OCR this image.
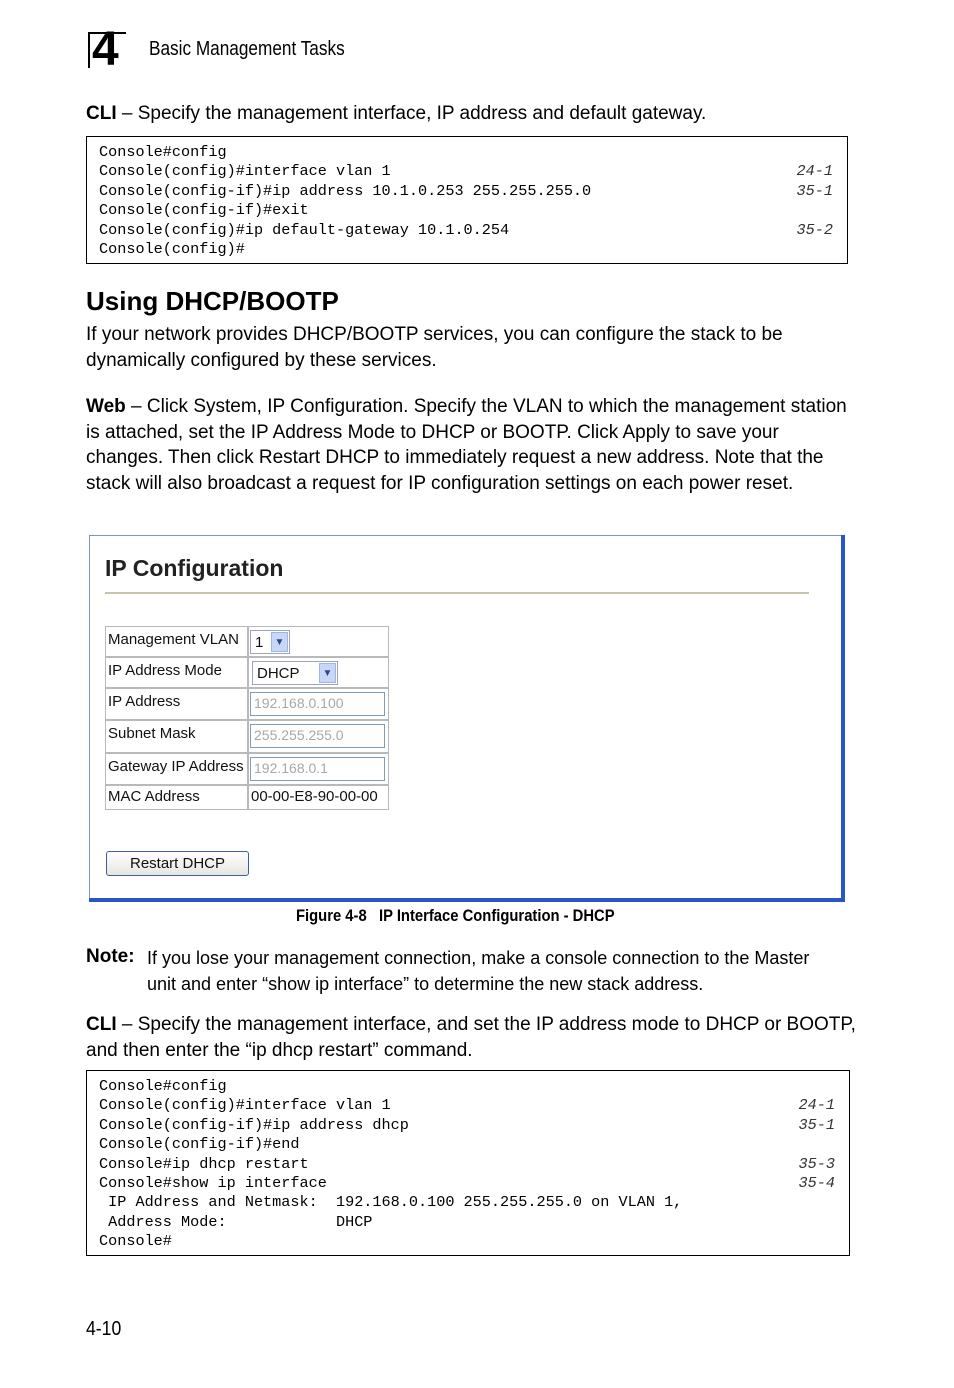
4 Basic Management Tasks
CLI – Specify the management interface, IP address and default gateway.
Console#config
Console(config)#interface vlan 1	24-1
Console(config-if)#ip address 10.1.0.253 255.255.255.0	35-1
Console(config-if)#exit
Console(config)#ip default-gateway 10.1.0.254	35-2
Console(config)#
Using DHCP/BOOTP
If your network provides DHCP/BOOTP services, you can configure the stack to be dynamically configured by these services.
Web – Click System, IP Configuration. Specify the VLAN to which the management station is attached, set the IP Address Mode to DHCP or BOOTP. Click Apply to save your changes. Then click Restart DHCP to immediately request a new address. Note that the stack will also broadcast a request for IP configuration settings on each power reset.
IP Configuration
Management VLAN	1	▼
IP Address Mode	DHCP	▼
IP Address	192.168.0.100
Subnet Mask	255.255.255.0
Gateway IP Address 192.168.0.1
MAC Address	00-00-E8-90-00-00
Restart DHCP
Figure 4-8   IP Interface Configuration - DHCP
Note: If you lose your management connection, make a console connection to the Master unit and enter “show ip interface” to determine the new stack address.
CLI – Specify the management interface, and set the IP address mode to DHCP or BOOTP, and then enter the “ip dhcp restart” command.
Console#config
Console(config)#interface vlan 1	24-1
Console(config-if)#ip address dhcp	35-1
Console(config-if)#end
Console#ip dhcp restart	35-3
Console#show ip interface	35-4
IP Address and Netmask:  192.168.0.100 255.255.255.0 on VLAN 1,
Address Mode:            DHCP
Console#
4-10
